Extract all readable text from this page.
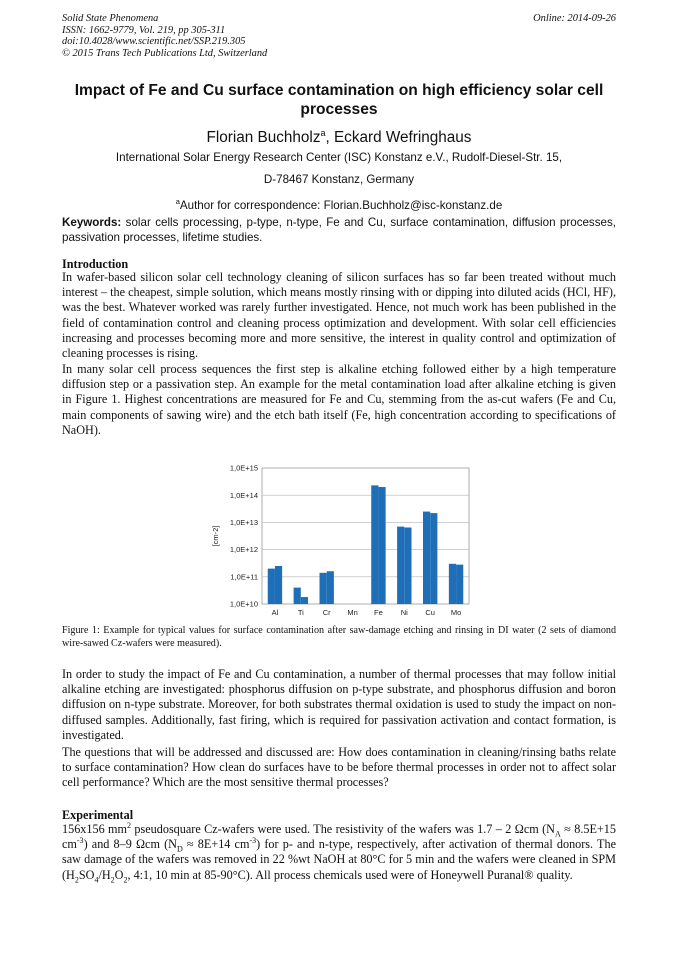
Solid State Phenomena
ISSN: 1662-9779, Vol. 219, pp 305-311
doi:10.4028/www.scientific.net/SSP.219.305
© 2015 Trans Tech Publications Ltd, Switzerland
Online: 2014-09-26
Impact of Fe and Cu surface contamination on high efficiency solar cell processes
Florian Buchholz$^a$, Eckard Wefringhaus
International Solar Energy Research Center (ISC) Konstanz e.V., Rudolf-Diesel-Str. 15,
D-78467 Konstanz, Germany
$^a$Author for correspondence: Florian.Buchholz@isc-konstanz.de
Keywords: solar cells processing, p-type, n-type, Fe and Cu, surface contamination, diffusion processes, passivation processes, lifetime studies.
Introduction

In wafer-based silicon solar cell technology cleaning of silicon surfaces has so far been treated without much interest – the cheapest, simple solution, which means mostly rinsing with or dipping into diluted acids (HCl, HF), was the best. Whatever worked was rarely further investigated. Hence, not much work has been published in the field of contamination control and cleaning process optimization and development. With solar cell efficiencies increasing and processes becoming more and more sensitive, the interest in quality control and optimization of cleaning processes is rising.

In many solar cell process sequences the first step is alkaline etching followed either by a high temperature diffusion step or a passivation step. An example for the metal contamination load after alkaline etching is given in Figure 1. Highest concentrations are measured for Fe and Cu, stemming from the as-cut wafers (Fe and Cu, main components of sawing wire) and the etch bath itself (Fe, high concentration according to specifications of NaOH).

1,0E+10
1,0E+11
1,0E+12
1,0E+13
1,0E+14
1,0E+15
[cm-2]
Al	Ti	Cr Mn Fe Ni Cu Mo
Figure 1: Example for typical values for surface contamination after saw-damage etching and rinsing in DI water (2 sets of diamond wire-sawed Cz-wafers were measured).

In order to study the impact of Fe and Cu contamination, a number of thermal processes that may follow initial alkaline etching are investigated: phosphorus diffusion on p-type substrate, and phosphorus diffusion and boron diffusion on n-type substrate. Moreover, for both substrates thermal oxidation is used to study the impact on non-diffused samples. Additionally, fast firing, which is required for passivation activation and contact formation, is investigated.

The questions that will be addressed and discussed are: How does contamination in cleaning/rinsing baths relate to surface contamination? How clean do surfaces have to be before thermal processes in order not to affect solar cell performance? Which are the most sensitive thermal processes?

Experimental

156x156 $mm^2$ pseudosquare Cz-wafers were used. The resistivity of the wafers was 1.7 – 2 Ωcm ($N_A \approx 8.5E+15$ $cm^{-3}$) and 8–9 Ωcm ($N_D \approx 8E+14$ $cm^{-3}$) for p- and n-type, respectively, after activation of thermal donors. The saw damage of the wafers was removed in 22 %wt NaOH at 80°C for 5 min and the wafers were cleaned in SPM ($H_2SO_4/H_2O_2$, 4:1, 10 min at 85-90°C). All process chemicals used were of Honeywell Puranal® quality.
